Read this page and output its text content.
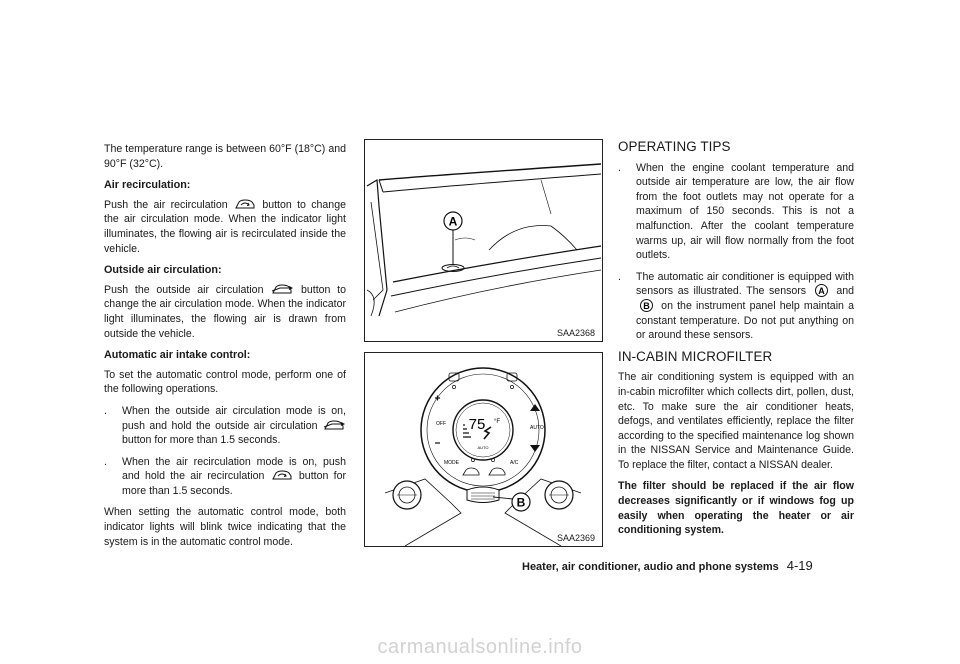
The temperature range is between 60°F (18°C) and 90°F (32°C).

Air recirculation:

Push the air recirculation	button to change the air circulation mode. When the indicator light illuminates, the flowing air is recirculated inside the vehicle.

Outside air circulation:

Push the outside air circulation	button to change the air circulation mode. When the indicator light illuminates, the flowing air is drawn from outside the vehicle.

Automatic air intake control:

To set the automatic control mode, perform one of the following operations.

. When the outside air circulation mode is on, push and hold the outside air circulation  button for more than 1.5 seconds.
. When the air recirculation mode is on, push and hold the air recirculation	button for more than 1.5 seconds.

When setting the automatic control mode, both indicator lights will blink twice indicating that the system is in the automatic control mode.

A
SAA2368
75 °F
AUTO
OFF
AUTO
MODE	A/C
B
SAA2369
OPERATING TIPS
. When the engine coolant temperature and outside air temperature are low, the air flow from the foot outlets may not operate for a maximum of 150 seconds. This is not a malfunction. After the coolant temperature warms up, air will flow normally from the foot outlets.
. The automatic air conditioner is equipped with sensors as illustrated. The sensors A and
B on the instrument panel help maintain a constant temperature. Do not put anything on or around these sensors.
IN-CABIN MICROFILTER

The air conditioning system is equipped with an in-cabin microfilter which collects dirt, pollen, dust, etc. To make sure the air conditioner heats, defogs, and ventilates efficiently, replace the filter according to the specified maintenance log shown in the NISSAN Service and Maintenance Guide. To replace the filter, contact a NISSAN dealer.

The filter should be replaced if the air flow decreases significantly or if windows fog up easily when operating the heater or air conditioning system.

Heater, air conditioner, audio and phone systems 4-19
carmanualsonline.info
